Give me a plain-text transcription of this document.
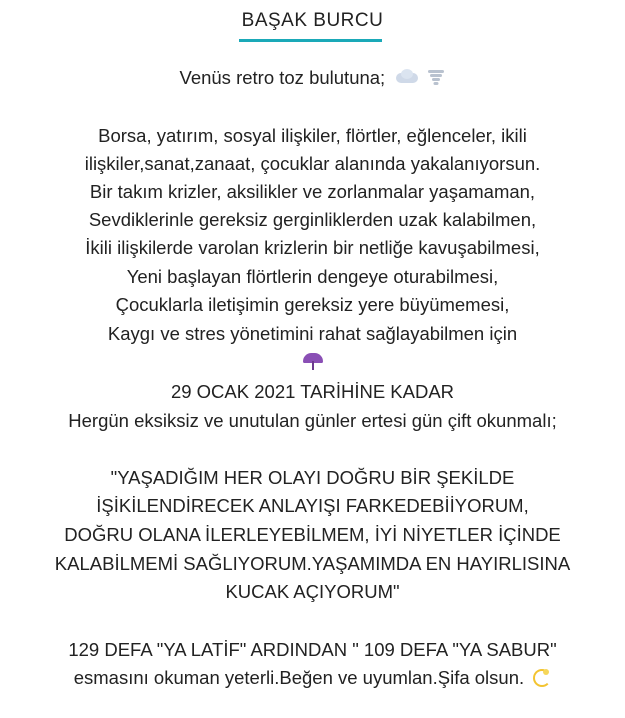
BAŞAK BURCU
Venüs retro toz bulutuna;
Borsa, yatırım, sosyal ilişkiler, flörtler, eğlenceler, ikili
ilişkiler,sanat,zanaat, çocuklar alanında yakalanıyorsun.
Bir takım krizler, aksilikler ve zorlanmalar yaşamaman,
Sevdiklerinle gereksiz gerginliklerden uzak kalabilmen,
İkili ilişkilerde varolan krizlerin bir netliğe kavuşabilmesi,
Yeni başlayan flörtlerin dengeye oturabilmesi,
Çocuklarla iletişimin gereksiz yere büyümemesi,
Kaygı ve stres yönetimini rahat sağlayabilmen için
29 OCAK 2021 TARİHİNE KADAR
Hergün eksiksiz ve unutulan günler ertesi gün çift okunmalı;
"YAŞADIĞIM HER OLAYI DOĞRU BİR ŞEKİLDE
İŞİKİLENDİRECEK ANLAYIŞI FARKEDEBİİYORUM,
DOĞRU OLANA İLERLEYEBİLMEM, İYİ NİYETLER İÇİNDE
KALABİLMEMİ SAĞLIYORUM.YAŞAMIMDA EN HAYIRLISINA
KUCAK AÇIYORUM"
129 DEFA "YA LATİF" ARDINDAN " 109 DEFA "YA SABUR"
esmasını okuman yeterli.Beğen ve uyumlan.Şifa olsun.
